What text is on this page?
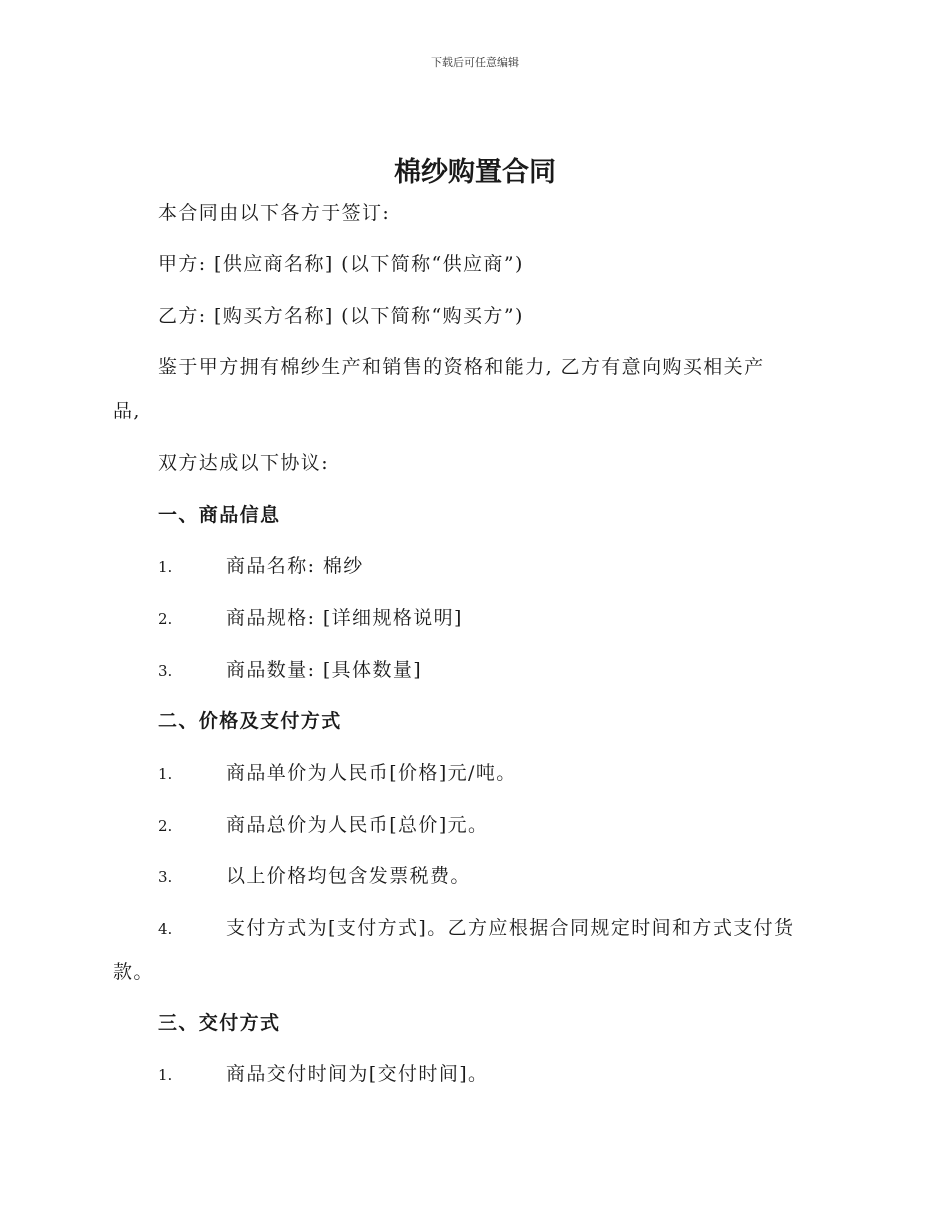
下载后可任意编辑
棉纱购置合同
本合同由以下各方于签订:
甲方: [供应商名称] (以下简称“供应商”)
乙方: [购买方名称] (以下简称“购买方”)
鉴于甲方拥有棉纱生产和销售的资格和能力, 乙方有意向购买相关产
品,
双方达成以下协议:
一、商品信息
1.	商品名称: 棉纱
2.	商品规格: [详细规格说明]
3.	商品数量: [具体数量]
二、价格及支付方式
1.	商品单价为人民币[价格]元/吨。
2.	商品总价为人民币[总价]元。
3.	以上价格均包含发票税费。
4.	支付方式为[支付方式]。乙方应根据合同规定时间和方式支付货
款。
三、交付方式
1.	商品交付时间为[交付时间]。
